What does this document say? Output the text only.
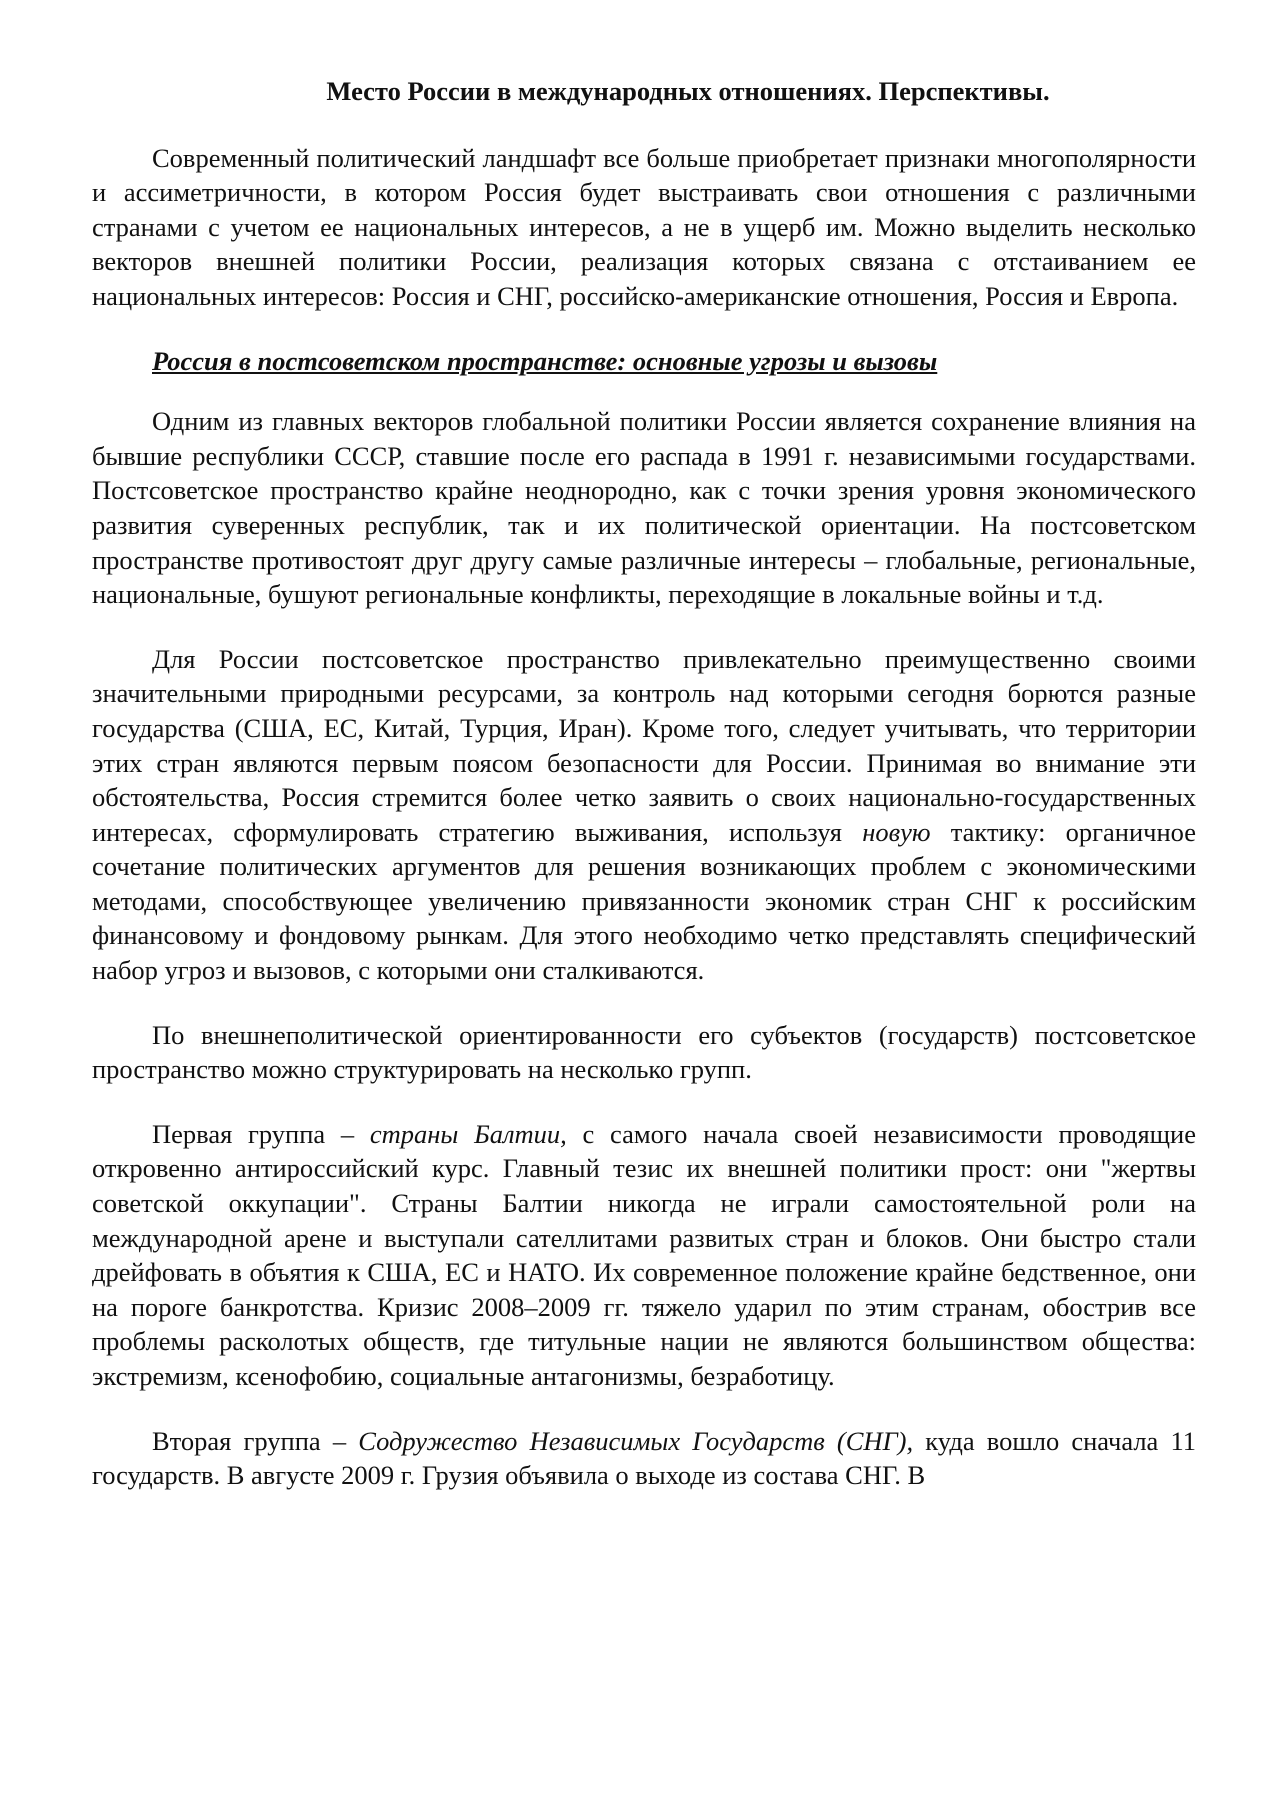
Место России в международных отношениях. Перспективы.

Современный политический ландшафт все больше приобретает признаки многополярности и ассиметричности, в котором Россия будет выстраивать свои отношения с различными странами с учетом ее национальных интересов, а не в ущерб им. Можно выделить несколько векторов внешней политики России, реализация которых связана с отстаиванием ее национальных интересов: Россия и СНГ, российско-американские отношения, Россия и Европа.

Россия в постсоветском пространстве: основные угрозы и вызовы

Одним из главных векторов глобальной политики России является сохранение влияния на бывшие республики СССР, ставшие после его распада в 1991 г. независимыми государствами. Постсоветское пространство крайне неоднородно, как с точки зрения уровня экономического развития суверенных республик, так и их политической ориентации. На постсоветском пространстве противостоят друг другу самые различные интересы – глобальные, региональные, национальные, бушуют региональные конфликты, переходящие в локальные войны и т.д.

Для России постсоветское пространство привлекательно преимущественно своими значительными природными ресурсами, за контроль над которыми сегодня борются разные государства (США, ЕС, Китай, Турция, Иран). Кроме того, следует учитывать, что территории этих стран являются первым поясом безопасности для России. Принимая во внимание эти обстоятельства, Россия стремится более четко заявить о своих национально-государственных интересах, сформулировать стратегию выживания, используя новую тактику: органичное сочетание политических аргументов для решения возникающих проблем с экономическими методами, способствующее увеличению привязанности экономик стран СНГ к российским финансовому и фондовому рынкам. Для этого необходимо четко представлять специфический набор угроз и вызовов, с которыми они сталкиваются.

По внешнеполитической ориентированности его субъектов (государств) постсоветское пространство можно структурировать на несколько групп.

Первая группа – страны Балтии, с самого начала своей независимости проводящие откровенно антироссийский курс. Главный тезис их внешней политики прост: они "жертвы советской оккупации". Страны Балтии никогда не играли самостоятельной роли на международной арене и выступали сателлитами развитых стран и блоков. Они быстро стали дрейфовать в объятия к США, ЕС и НАТО. Их современное положение крайне бедственное, они на пороге банкротства. Кризис 2008–2009 гг. тяжело ударил по этим странам, обострив все проблемы расколотых обществ, где титульные нации не являются большинством общества: экстремизм, ксенофобию, социальные антагонизмы, безработицу.

Вторая группа – Содружество Независимых Государств (СНГ), куда вошло сначала 11 государств. В августе 2009 г. Грузия объявила о выходе из состава СНГ. В
